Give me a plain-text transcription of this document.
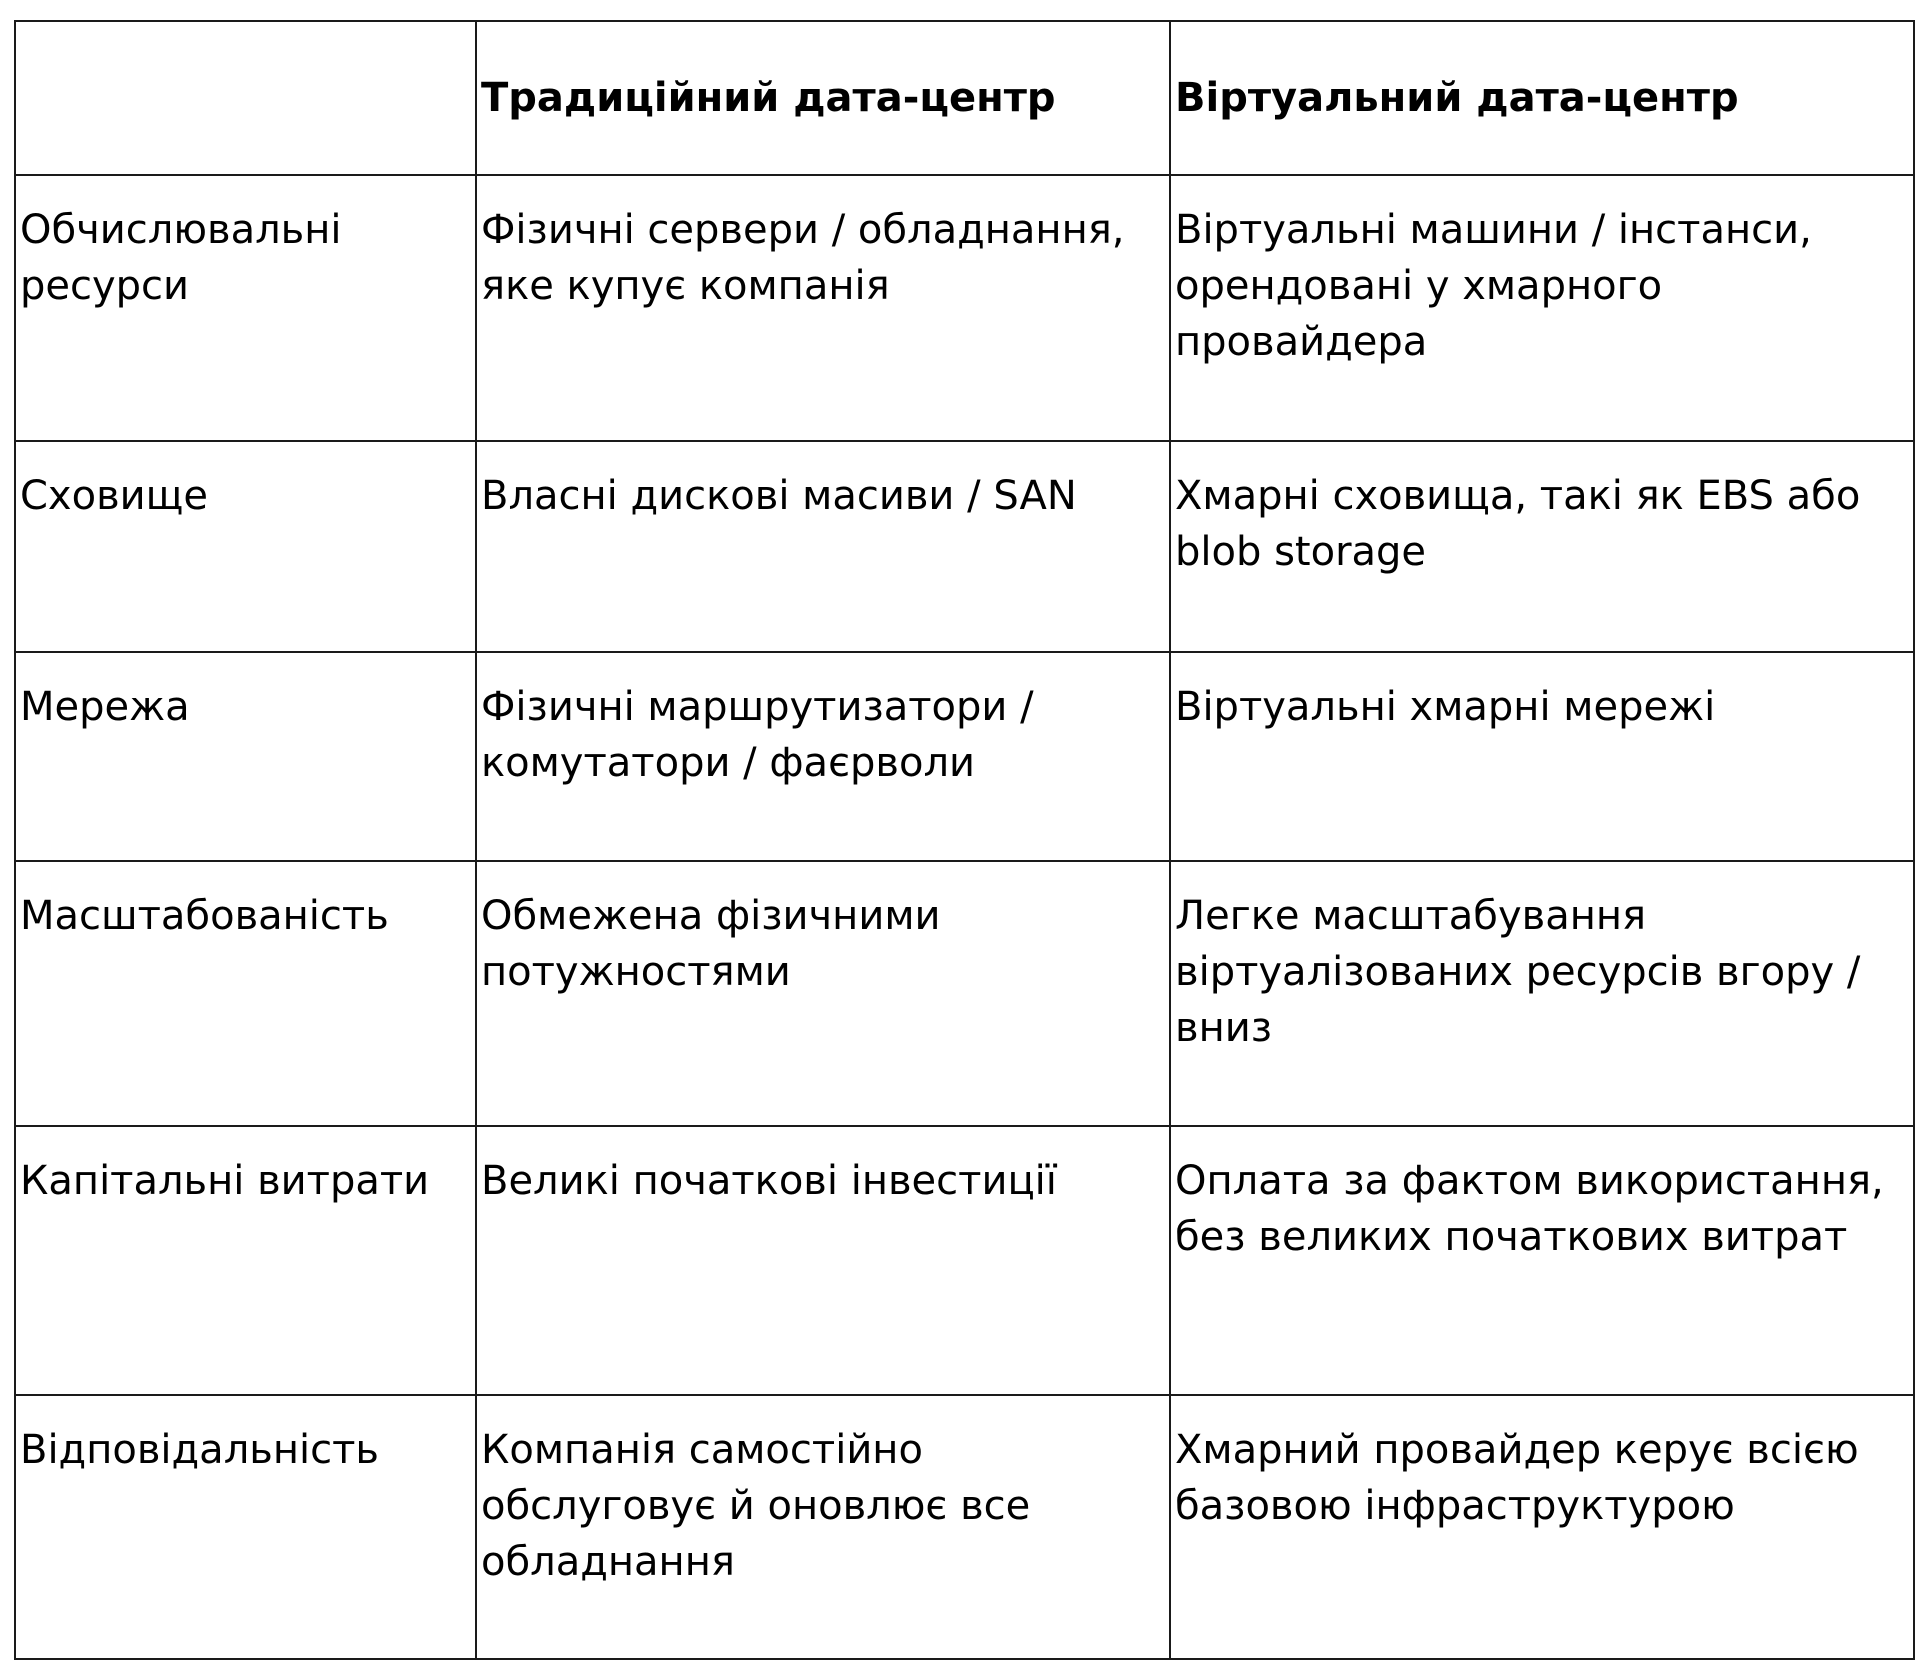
	Традиційний дата-центр	Віртуальний дата-центр
Обчислювальні ресурси	Фізичні сервери / обладнання, яке купує компанія	Віртуальні машини / інстанси, орендовані у хмарного провайдера
Сховище	Власні дискові масиви / SAN	Хмарні сховища, такі як EBS або blob storage
Мережа	Фізичні маршрутизатори / комутатори / фаєрволи	Віртуальні хмарні мережі
Масштабованість	Обмежена фізичними потужностями	Легке масштабування віртуалізованих ресурсів вгору / вниз
Капітальні витрати	Великі початкові інвестиції	Оплата за фактом використання, без великих початкових витрат
Відповідальність	Компанія самостійно обслуговує й оновлює все обладнання	Хмарний провайдер керує всією базовою інфраструктурою
